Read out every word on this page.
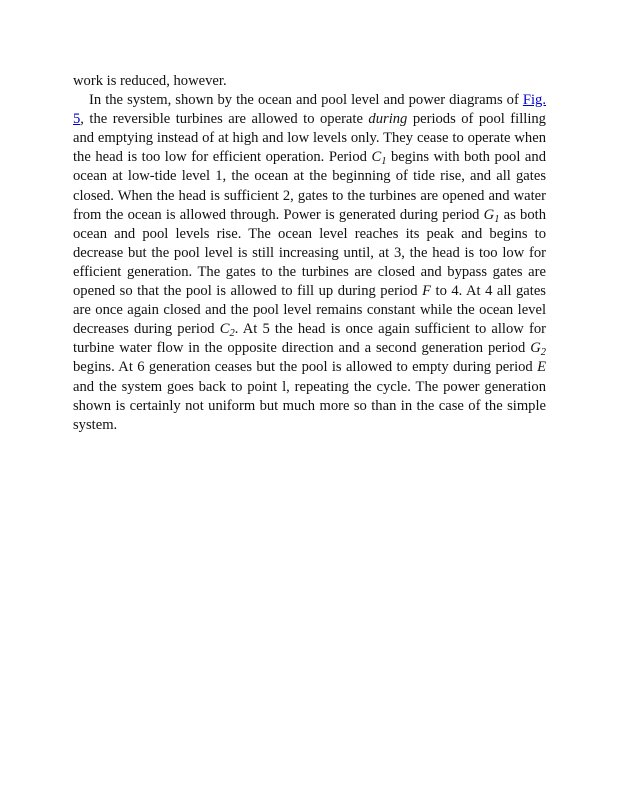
work is reduced, however.

In the system, shown by the ocean and pool level and power diagrams of Fig. 5, the reversible turbines are allowed to operate during periods of pool filling and emptying instead of at high and low levels only. They cease to operate when the head is too low for efficient operation. Period $C_1$ begins with both pool and ocean at low-tide level 1, the ocean at the beginning of tide rise, and all gates closed. When the head is sufficient 2, gates to the turbines are opened and water from the ocean is allowed through. Power is generated during period $G_1$ as both ocean and pool levels rise. The ocean level reaches its peak and begins to decrease but the pool level is still increasing until, at 3, the head is too low for efficient generation. The gates to the turbines are closed and bypass gates are opened so that the pool is allowed to fill up during period F to 4. At 4 all gates are once again closed and the pool level remains constant while the ocean level decreases during period $C_2$. At 5 the head is once again sufficient to allow for turbine water flow in the opposite direction and a second generation period $G_2$ begins. At 6 generation ceases but the pool is allowed to empty during period E and the system goes back to point l, repeating the cycle. The power generation shown is certainly not uniform but much more so than in the case of the simple system.
